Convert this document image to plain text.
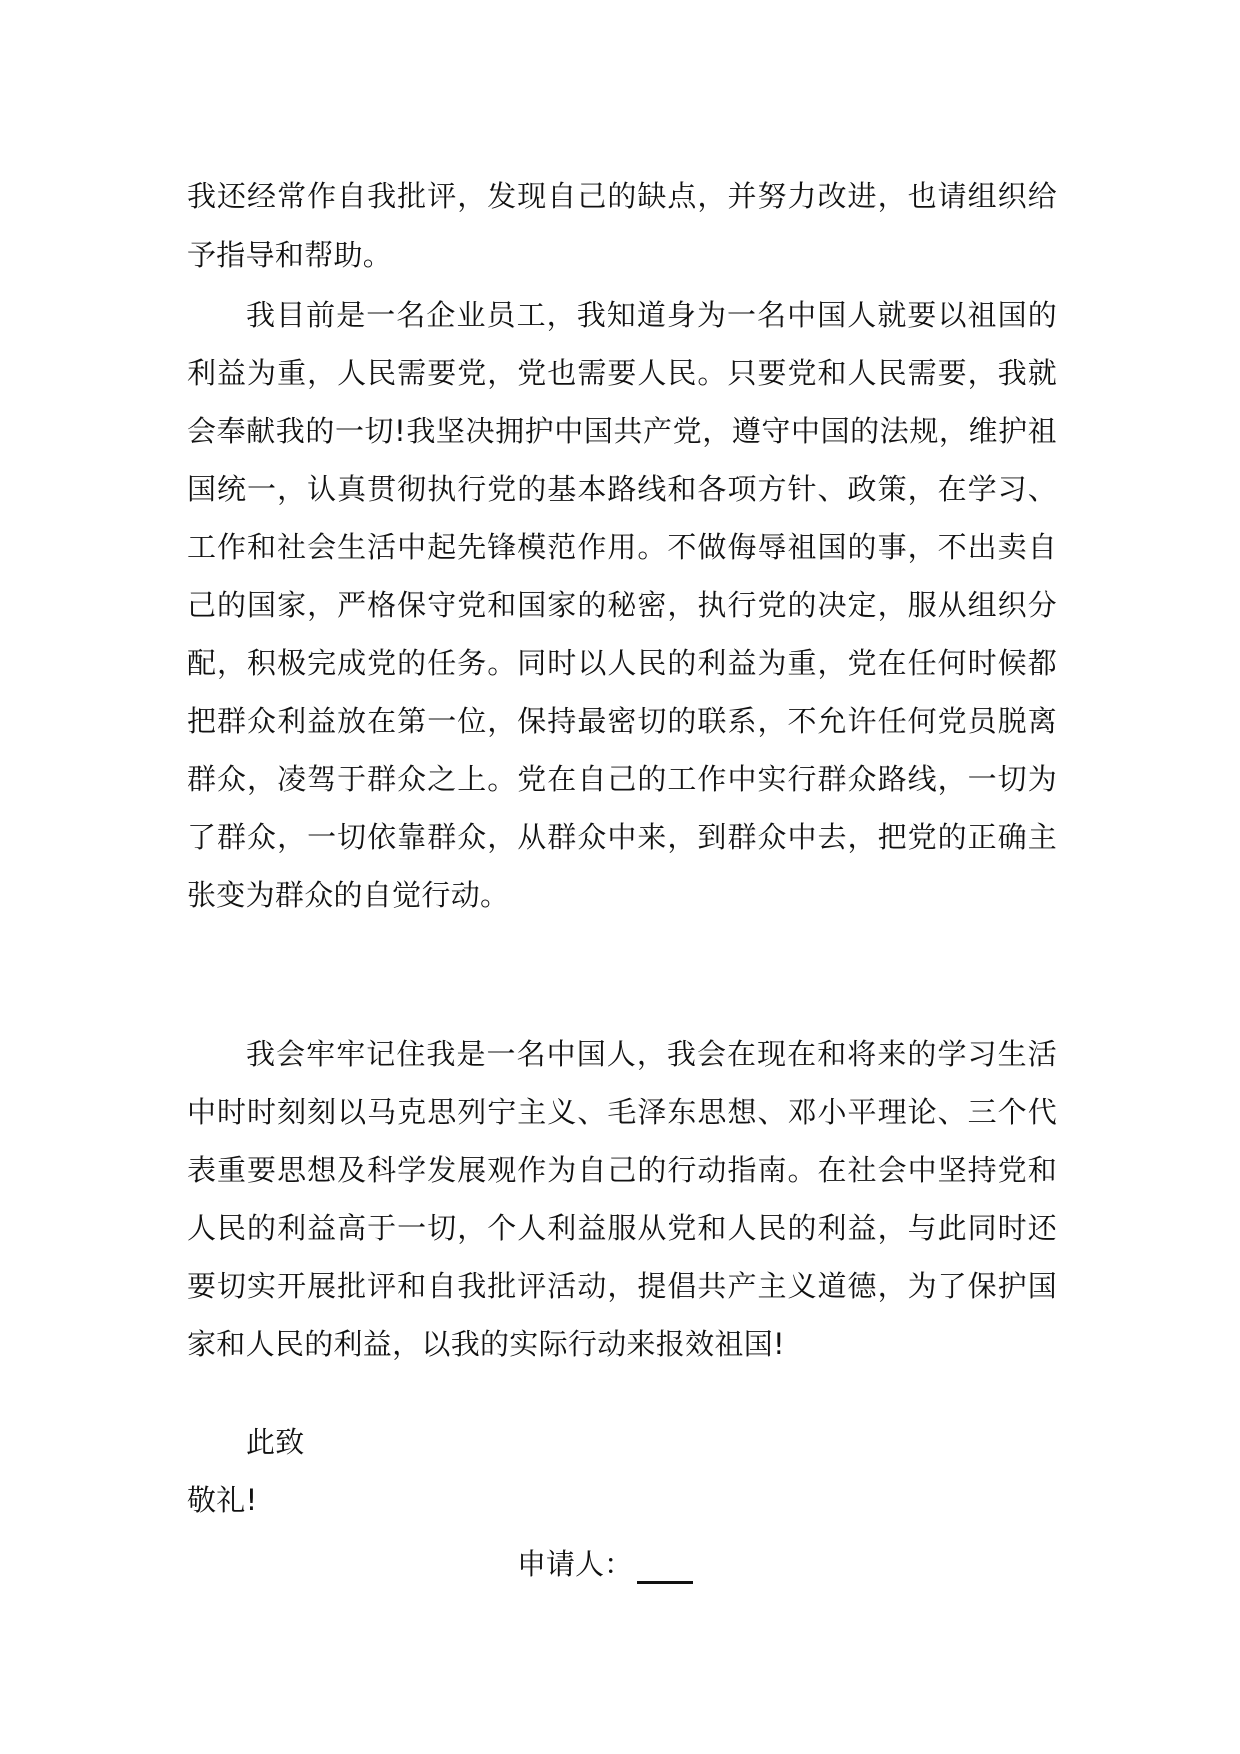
我还经常作自我批评，发现自己的缺点，并努力改进，也请组织给
予指导和帮助。
我目前是一名企业员工，我知道身为一名中国人就要以祖国的
利益为重，人民需要党，党也需要人民。只要党和人民需要，我就
会奉献我的一切!我坚决拥护中国共产党，遵守中国的法规，维护祖
国统一，认真贯彻执行党的基本路线和各项方针、政策，在学习、
工作和社会生活中起先锋模范作用。不做侮辱祖国的事，不出卖自
己的国家，严格保守党和国家的秘密，执行党的决定，服从组织分
配，积极完成党的任务。同时以人民的利益为重，党在任何时候都
把群众利益放在第一位，保持最密切的联系，不允许任何党员脱离
群众，凌驾于群众之上。党在自己的工作中实行群众路线，一切为
了群众，一切依靠群众，从群众中来，到群众中去，把党的正确主
张变为群众的自觉行动。
我会牢牢记住我是一名中国人，我会在现在和将来的学习生活
中时时刻刻以马克思列宁主义、毛泽东思想、邓小平理论、三个代
表重要思想及科学发展观作为自己的行动指南。在社会中坚持党和
人民的利益高于一切，个人利益服从党和人民的利益，与此同时还
要切实开展批评和自我批评活动，提倡共产主义道德，为了保护国
家和人民的利益，以我的实际行动来报效祖国!
此致
敬礼!
申请人：
